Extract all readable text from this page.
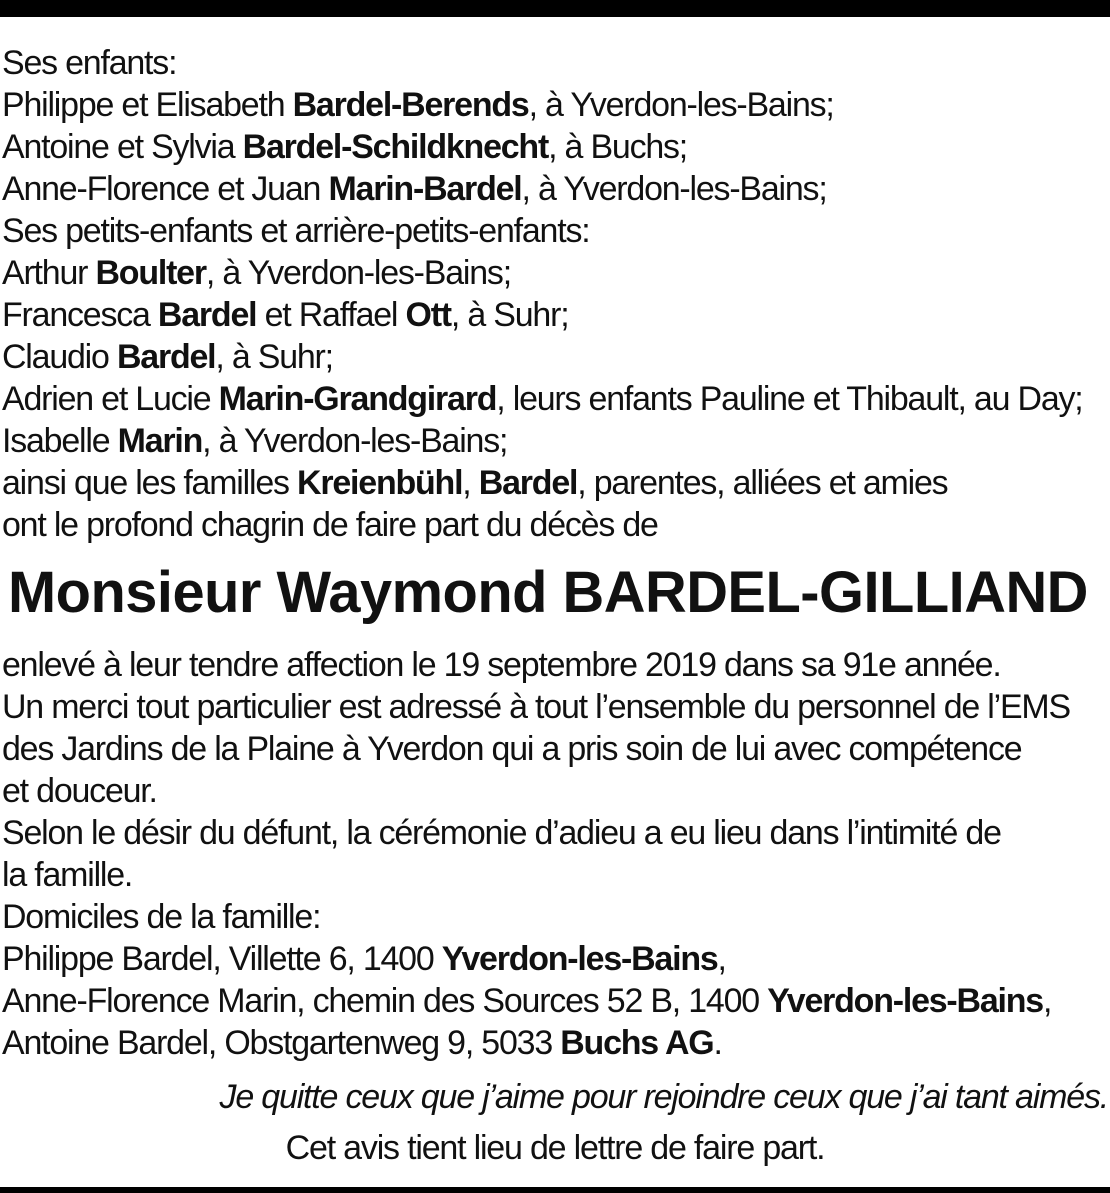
Ses enfants:
Philippe et Elisabeth Bardel-Berends, à Yverdon-les-Bains;
Antoine et Sylvia Bardel-Schildknecht, à Buchs;
Anne-Florence et Juan Marin-Bardel, à Yverdon-les-Bains;
Ses petits-enfants et arrière-petits-enfants:
Arthur Boulter, à Yverdon-les-Bains;
Francesca Bardel et Raffael Ott, à Suhr;
Claudio Bardel, à Suhr;
Adrien et Lucie Marin-Grandgirard, leurs enfants Pauline et Thibault, au Day;
Isabelle Marin, à Yverdon-les-Bains;
ainsi que les familles Kreienbühl, Bardel, parentes, alliées et amies
ont le profond chagrin de faire part du décès de
Monsieur Waymond BARDEL-GILLIAND
enlevé à leur tendre affection le 19 septembre 2019 dans sa 91e année.
Un merci tout particulier est adressé à tout l’ensemble du personnel de l’EMS
des Jardins de la Plaine à Yverdon qui a pris soin de lui avec compétence
et douceur.
Selon le désir du défunt, la cérémonie d’adieu a eu lieu dans l’intimité de
la famille.
Domiciles de la famille:
Philippe Bardel, Villette 6, 1400 Yverdon-les-Bains,
Anne-Florence Marin, chemin des Sources 52 B, 1400 Yverdon-les-Bains,
Antoine Bardel, Obstgartenweg 9, 5033 Buchs AG.
Je quitte ceux que j’aime pour rejoindre ceux que j’ai tant aimés.
Cet avis tient lieu de lettre de faire part.
